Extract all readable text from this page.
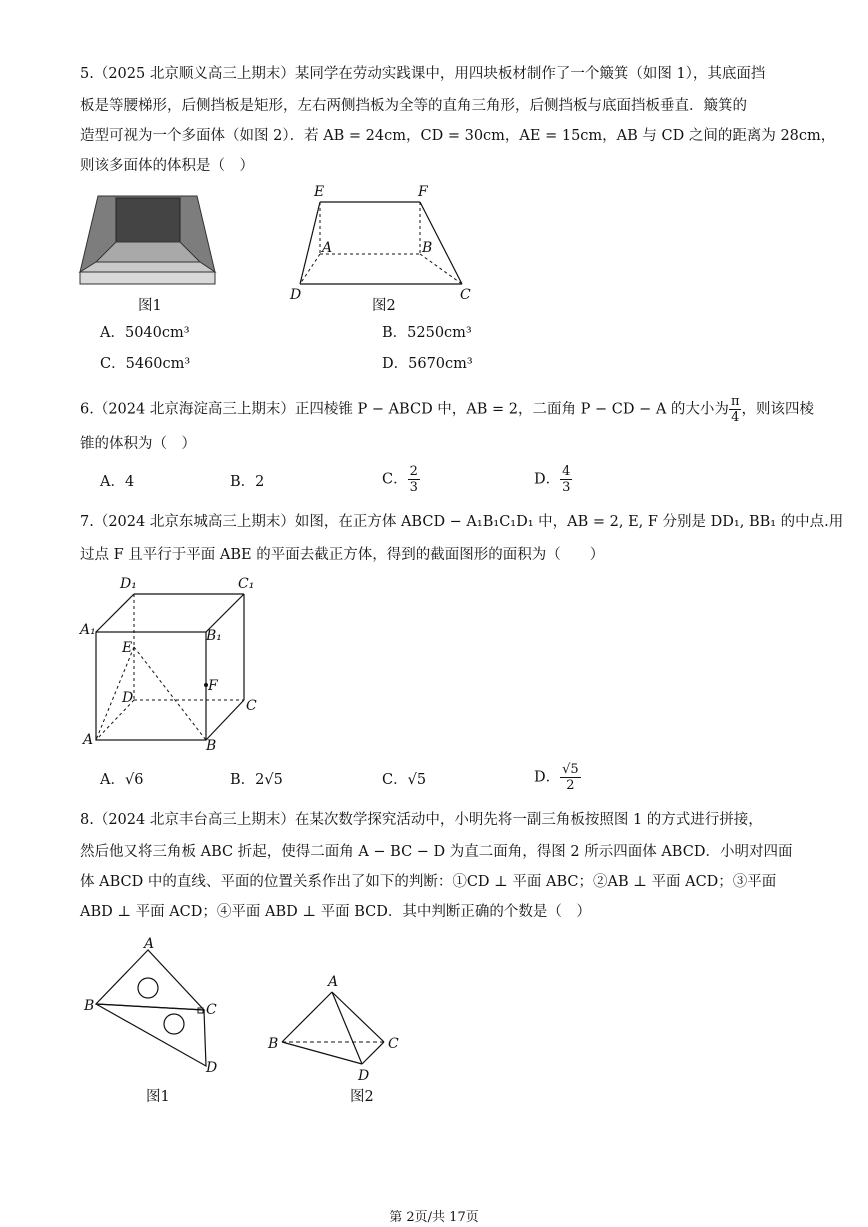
5.（2025 北京顺义高三上期末）某同学在劳动实践课中，用四块板材制作了一个簸箕（如图 1），其底面挡
板是等腰梯形，后侧挡板是矩形，左右两侧挡板为全等的直角三角形，后侧挡板与底面挡板垂直．簸箕的
造型可视为一个多面体（如图 2）．若 AB = 24cm，CD = 30cm，AE = 15cm，AB 与 CD 之间的距离为 28cm，
则该多面体的体积是（　）
图1
E	F
A	B
D	C
图2
A．5040cm³	B．5250cm³
C．5460cm³	D．5670cm³
6.（2024 北京海淀高三上期末）正四棱锥 P − ABCD 中，AB = 2，二面角 P − CD − A 的大小为 $\frac{\pi}{4}$ ，则该四棱
锥的体积为（　）
A．4	B．2	C． $\frac{2}{3}$	D． $\frac{4}{3}$
7.（2024 北京东城高三上期末）如图，在正方体 ABCD − A₁B₁C₁D₁ 中，AB = 2, E, F 分别是 DD₁, BB₁ 的中点.用
过点 F 且平行于平面 ABE 的平面去截正方体，得到的截面图形的面积为（　　）
D₁	C₁
A₁	B₁
E
F
D	C
A	B
A．√6	B．2√5	C．√5	D． $\frac{√5}{2}$
8.（2024 北京丰台高三上期末）在某次数学探究活动中，小明先将一副三角板按照图 1 的方式进行拼接，
然后他又将三角板 ABC 折起，使得二面角 A − BC − D 为直二面角，得图 2 所示四面体 ABCD．小明对四面
体 ABCD 中的直线、平面的位置关系作出了如下的判断：①CD ⊥ 平面 ABC；②AB ⊥ 平面 ACD；③平面
ABD ⊥ 平面 ACD；④平面 ABD ⊥ 平面 BCD．其中判断正确的个数是（　）
A
B	C
D
图1
A
B	C
D
图2
第 2页/共 17页
